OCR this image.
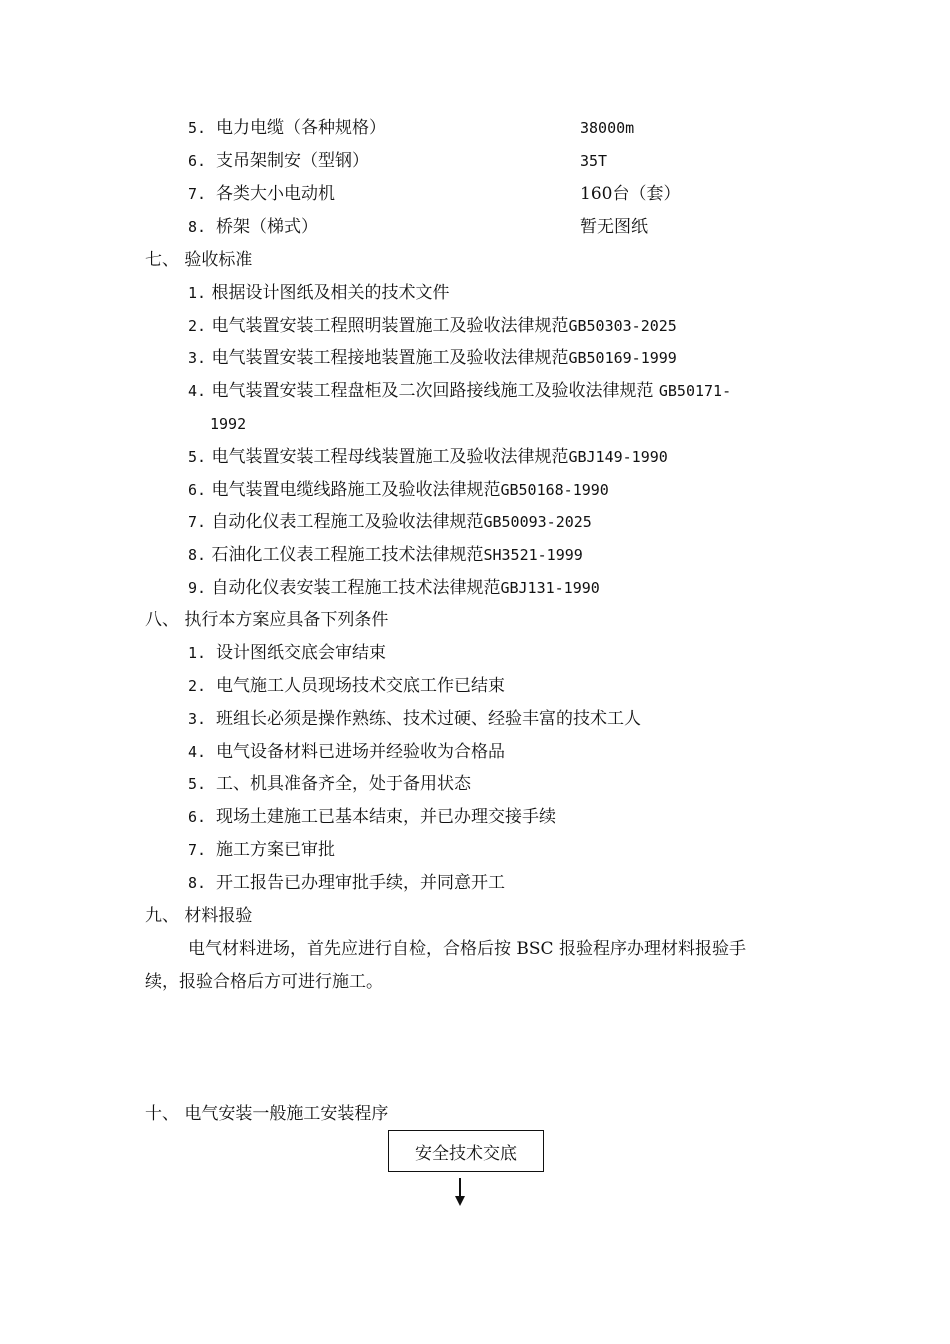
5. 电力电缆（各种规格）	38000m
6. 支吊架制安（型钢）	35T
7. 各类大小电动机	160台（套）
8. 桥架（梯式）	暂无图纸
七、 验收标准
1. 根据设计图纸及相关的技术文件
2. 电气装置安装工程照明装置施工及验收法律规范GB50303-2025
3. 电气装置安装工程接地装置施工及验收法律规范GB50169-1999
4. 电气装置安装工程盘柜及二次回路接线施工及验收法律规范 GB50171-
1992
5. 电气装置安装工程母线装置施工及验收法律规范GBJ149-1990
6. 电气装置电缆线路施工及验收法律规范GB50168-1990
7. 自动化仪表工程施工及验收法律规范GB50093-2025
8. 石油化工仪表工程施工技术法律规范SH3521-1999
9. 自动化仪表安装工程施工技术法律规范GBJ131-1990
八、 执行本方案应具备下列条件
1. 设计图纸交底会审结束
2. 电气施工人员现场技术交底工作已结束
3. 班组长必须是操作熟练、技术过硬、经验丰富的技术工人
4. 电气设备材料已进场并经验收为合格品
5. 工、机具准备齐全，处于备用状态
6. 现场土建施工已基本结束，并已办理交接手续
7. 施工方案已审批
8. 开工报告已办理审批手续，并同意开工
九、 材料报验
电气材料进场，首先应进行自检，合格后按 BSC 报验程序办理材料报验手
续，报验合格后方可进行施工。
十、 电气安装一般施工安装程序
安全技术交底
